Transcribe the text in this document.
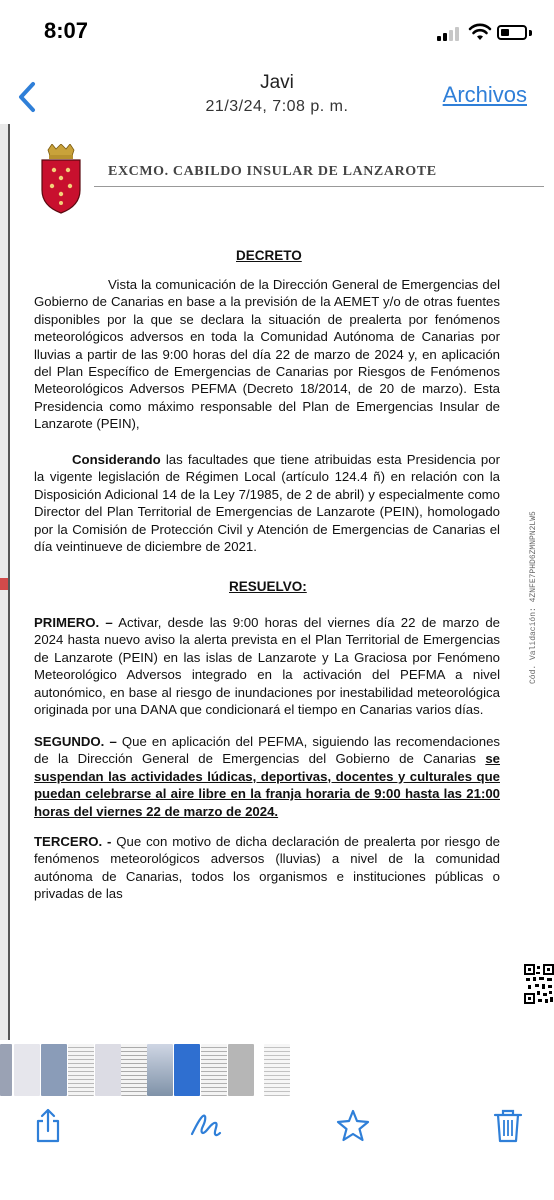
8:07
Javi
21/3/24, 7:08 p. m.	Archivos
EXCMO. CABILDO INSULAR DE LANZAROTE
DECRETO
Vista la comunicación de la Dirección General de Emergencias del Gobierno de Canarias en base a la previsión de la AEMET y/o de otras fuentes disponibles por la que se declara la situación de prealerta por fenómenos meteorológicos adversos en toda la Comunidad Autónoma de Canarias por lluvias a partir de las 9:00 horas del día 22 de marzo de 2024 y, en aplicación del Plan Específico de Emergencias de Canarias por Riesgos de Fenómenos Meteorológicos Adversos PEFMA (Decreto 18/2014, de 20 de marzo). Esta Presidencia como máximo responsable del Plan de Emergencias Insular de Lanzarote (PEIN),
Considerando las facultades que tiene atribuidas esta Presidencia por la vigente legislación de Régimen Local (artículo 124.4 ñ) en relación con la Disposición Adicional 14 de la Ley 7/1985, de 2 de abril) y especialmente como Director del Plan Territorial de Emergencias de Lanzarote (PEIN), homologado por la Comisión de Protección Civil y Atención de Emergencias de Canarias el día veintinueve de diciembre de 2021.
RESUELVO:
PRIMERO. – Activar, desde las 9:00 horas del viernes día 22 de marzo de 2024 hasta nuevo aviso la alerta prevista en el Plan Territorial de Emergencias de Lanzarote (PEIN) en las islas de Lanzarote y La Graciosa por Fenómeno Meteorológico Adversos integrado en la activación del PEFMA a nivel autonómico, en base al riesgo de inundaciones por inestabilidad meteorológica originada por una DANA que condicionará el tiempo en Canarias varios días.
SEGUNDO. – Que en aplicación del PEFMA, siguiendo las recomendaciones de la Dirección General de Emergencias del Gobierno de Canarias se suspendan las actividades lúdicas, deportivas, docentes y culturales que puedan celebrarse al aire libre en la franja horaria de 9:00 hasta las 21:00 horas del viernes 22 de marzo de 2024.
TERCERO. - Que con motivo de dicha declaración de prealerta por riesgo de fenómenos meteorológicos adversos (lluvias) a nivel de la comunidad autónoma de Canarias, todos los organismos e instituciones públicas o privadas de las
Cód. Validación: 4ZNFE7PHD6ZMNPN2LW5
